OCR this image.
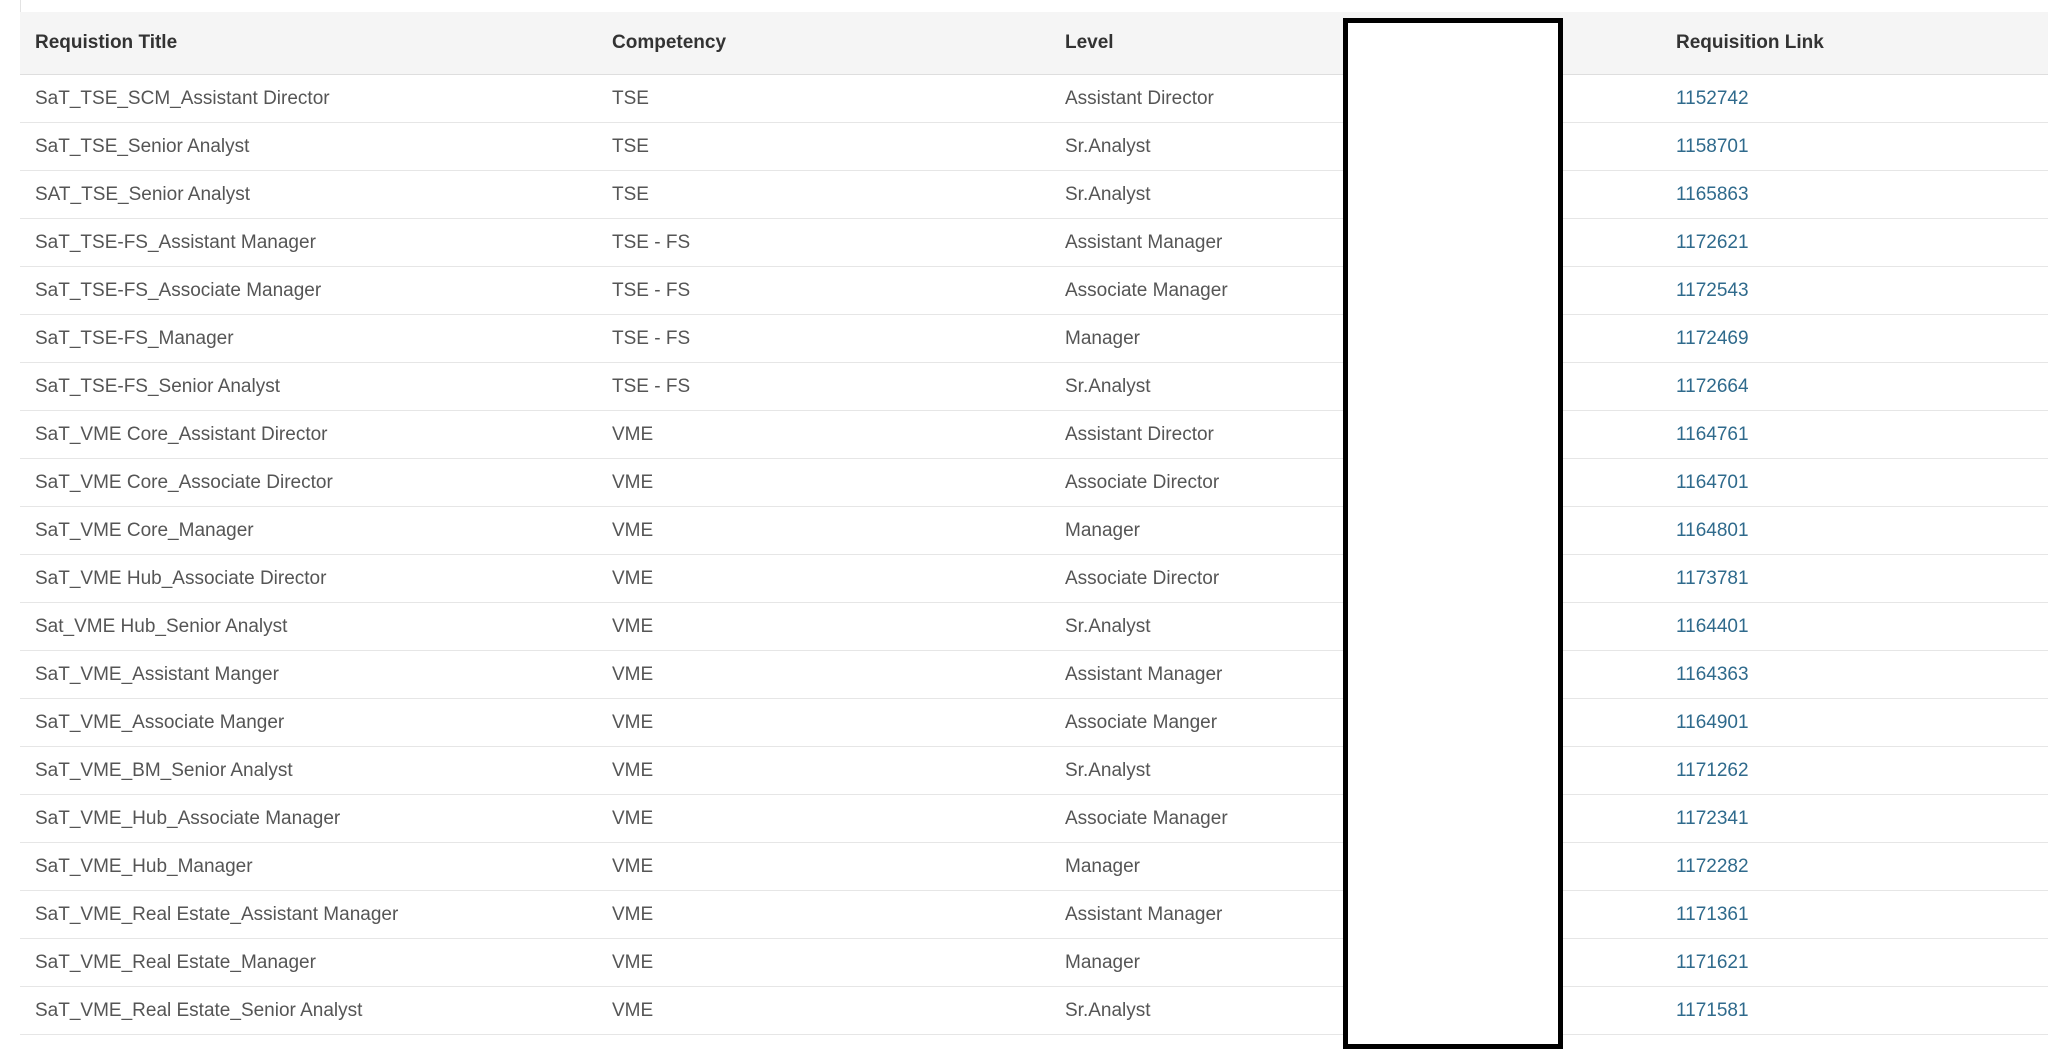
Requistion Title	Competency	Level	Requisition Link
SaT_TSE_SCM_Assistant Director	TSE	Assistant Director	1152742
SaT_TSE_Senior Analyst	TSE	Sr.Analyst	1158701
SAT_TSE_Senior Analyst	TSE	Sr.Analyst	1165863
SaT_TSE-FS_Assistant Manager	TSE - FS	Assistant Manager	1172621
SaT_TSE-FS_Associate Manager	TSE - FS	Associate Manager	1172543
SaT_TSE-FS_Manager	TSE - FS	Manager	1172469
SaT_TSE-FS_Senior Analyst	TSE - FS	Sr.Analyst	1172664
SaT_VME Core_Assistant Director	VME	Assistant Director	1164761
SaT_VME Core_Associate Director	VME	Associate Director	1164701
SaT_VME Core_Manager	VME	Manager	1164801
SaT_VME Hub_Associate Director	VME	Associate Director	1173781
Sat_VME Hub_Senior Analyst	VME	Sr.Analyst	1164401
SaT_VME_Assistant Manger	VME	Assistant Manager	1164363
SaT_VME_Associate Manger	VME	Associate Manger	1164901
SaT_VME_BM_Senior Analyst	VME	Sr.Analyst	1171262
SaT_VME_Hub_Associate Manager	VME	Associate Manager	1172341
SaT_VME_Hub_Manager	VME	Manager	1172282
SaT_VME_Real Estate_Assistant Manager	VME	Assistant Manager	1171361
SaT_VME_Real Estate_Manager	VME	Manager	1171621
SaT_VME_Real Estate_Senior Analyst	VME	Sr.Analyst	1171581
